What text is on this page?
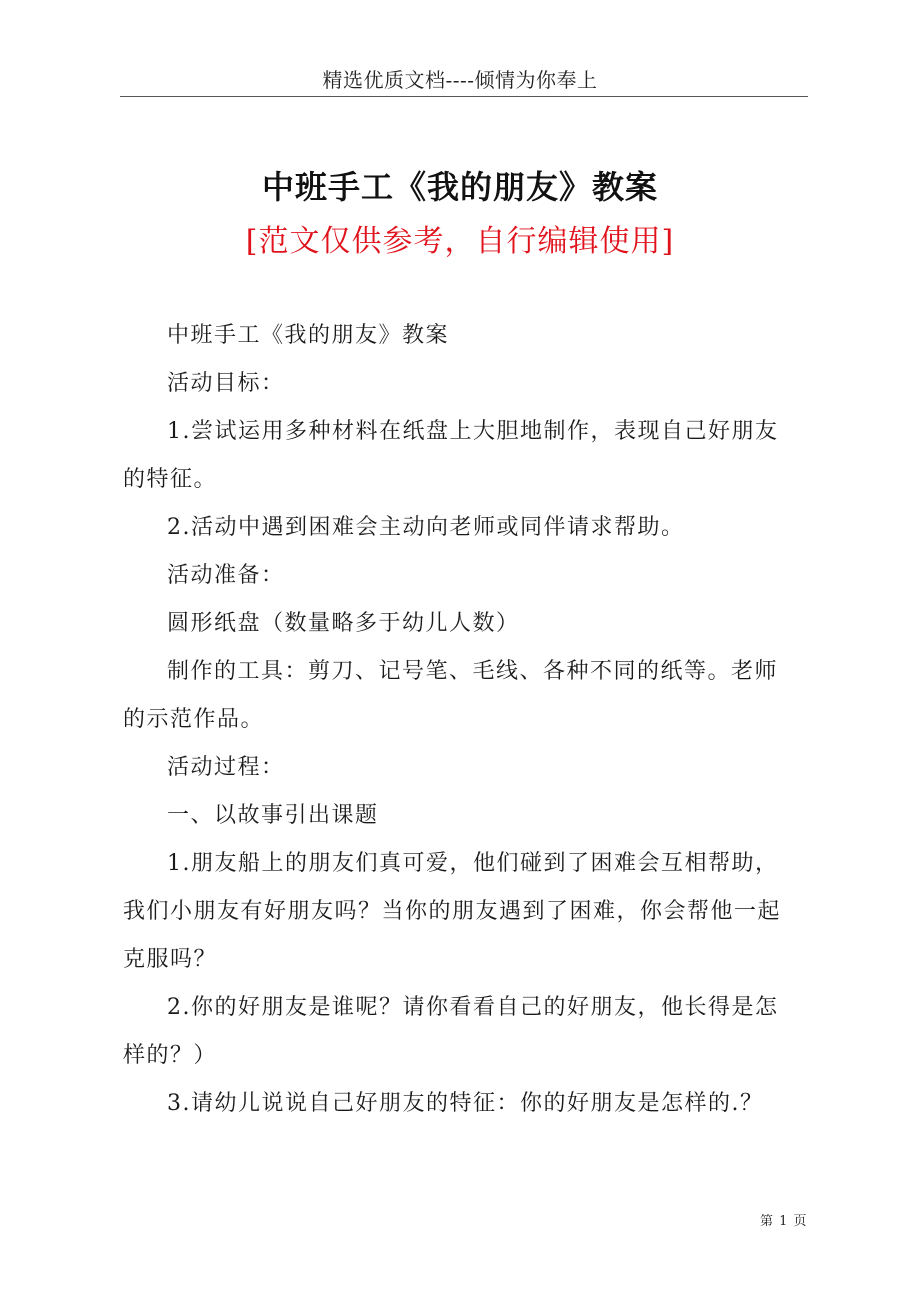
精选优质文档----倾情为你奉上
中班手工《我的朋友》教案
[范文仅供参考，自行编辑使用]

中班手工《我的朋友》教案

活动目标：

1.尝试运用多种材料在纸盘上大胆地制作，表现自己好朋友的特征。

2.活动中遇到困难会主动向老师或同伴请求帮助。

活动准备：

圆形纸盘（数量略多于幼儿人数）

制作的工具：剪刀、记号笔、毛线、各种不同的纸等。老师的示范作品。

活动过程：

一、以故事引出课题

1.朋友船上的朋友们真可爱，他们碰到了困难会互相帮助，我们小朋友有好朋友吗？当你的朋友遇到了困难，你会帮他一起克服吗？

2.你的好朋友是谁呢？请你看看自己的好朋友，他长得是怎样的？）

3.请幼儿说说自己好朋友的特征：你的好朋友是怎样的.？

第 1 页
